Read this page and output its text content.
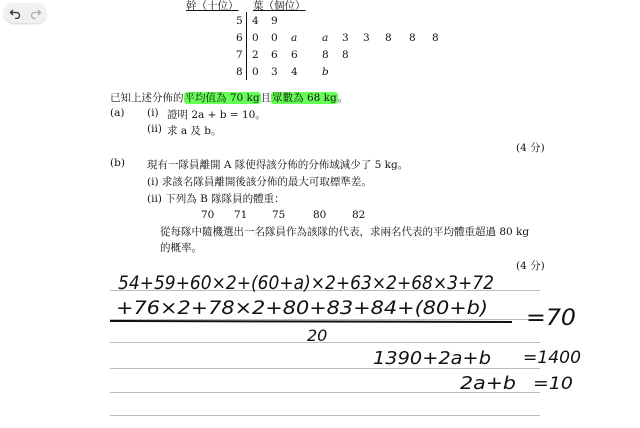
幹（十位） 葉（個位）
5 4 9
6 0 0 a a 3 3 8 8 8
7 2 6 6 8 8
8 0 3 4 b
已知上述分佈的平均值為 70 kg且眾數為 68 kg。
(a) (i) 證明 2a + b = 10。
(ii) 求 a 及 b。
(4 分)
(b) 現有一隊員離開 A 隊使得該分佈的分佈域減少了 5 kg。
(i) 求該名隊員離開後該分佈的最大可取標準差。
(ii) 下列為 B 隊隊員的體重：
70 71 75	80 82
從每隊中隨機選出一名隊員作為該隊的代表，求兩名代表的平均體重超過 80 kg
的概率。
(4 分)
54+59+60×2+(60+a)×2+63×2+68×3+72
+76×2+78×2+80+83+84+(80+b)
20
=70
1390+2a+b =1400
2a+b =10
